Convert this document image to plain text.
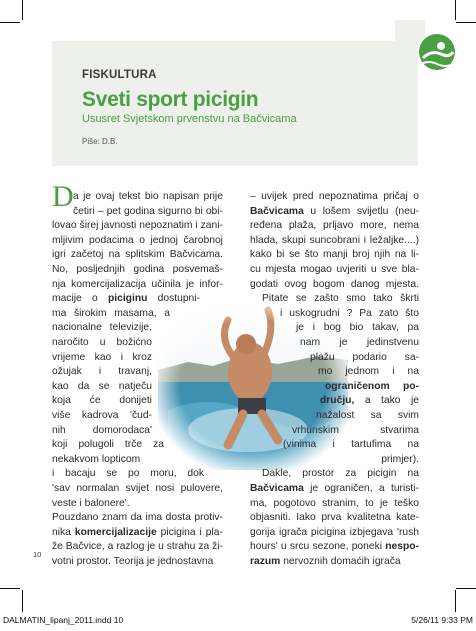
FISKULTURA
Sveti sport picigin
Ususret Svjetskom prvenstvu na Bačvicama
Piše: D.B.
D a je ovaj tekst bio napisan prije
četiri – pet godina sigurno bi obi-
lovao širej javnosti nepoznatim i zani-
mljivim podacima o jednoj čarobnoj
igri začetoj na splitskim Bačvicama.
No, posljednjih godina posvemaš-
nja komercijalizacija učinila je infor-
macije o piciginu dostupni-
ma širokim masama, a
nacionalne televizije,
naročito u božićno
vrijeme kao i kroz
ožujak i travanj,
kao da se natječu
koja će donijeti
više kadrova 'čud-
nih	domorodaca'
koji polugoli trče za
nekakvom lopticom
i bacaju se po moru, dok
'sav normalan svijet nosi pulovere,
veste i balonere'.
Pouzdano znam da ima dosta protiv-
nika komercijalizacije picigina i pla-
že Bačvice, a razlog je u strahu za ži-
votni prostor. Teorija je jednostavna
– uvijek pred nepoznatima pričaj o
Bačvicama u lošem svijetlu (neu-
ređena plaža, prljavo more, nema
hlada, skupi suncobrani i ležaljke....)
kako bi se što manji broj njih na li-
cu mjesta mogao uvjeriti u sve bla-
godati ovog bogom danog mjesta.
Pitate se zašto smo tako škrti
i uskogrudni ? Pa zato što
je i bog bio takav, pa
nam je jedinstvenu
plažu podario sa-
mo jednom i na
ograničenom po-
dručju, a tako je
nažalost sa svim
vrhunskim	stvarima
(vinima i tartufima na
primjer).
Dakle, prostor za picigin na
Bačvicama je ograničen, a turisti-
ma, pogotovo stranim, to je teško
objasniti. Iako prva kvalitetna kate-
gorija igrača picigina izbjegava 'rush
hours' u srcu sezone, poneki nespo-
razum nervoznih domaćih igrača
10
DALMATIN_lipanj_2011.indd 10	5/26/11 9:33 PM
